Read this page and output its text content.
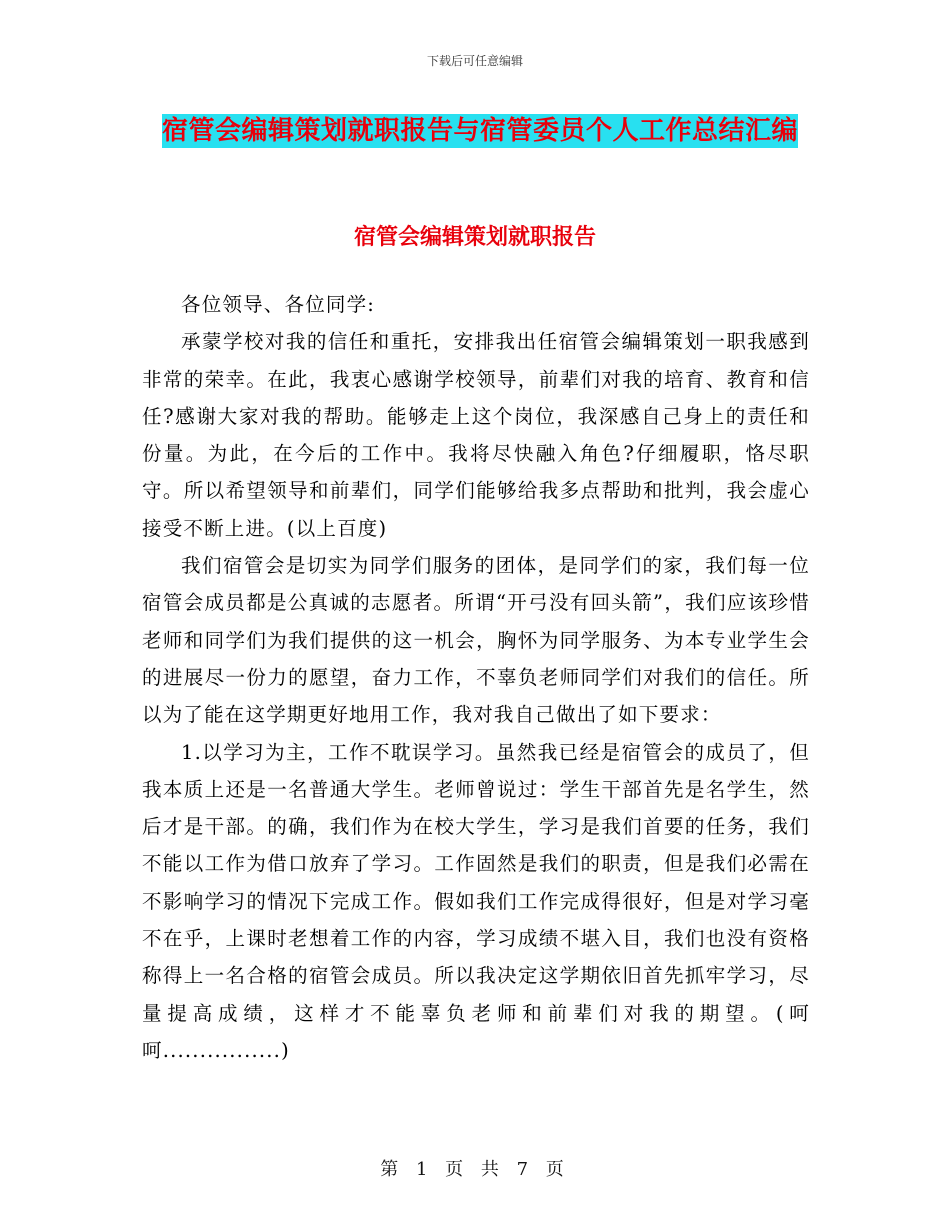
下载后可任意编辑
宿管会编辑策划就职报告与宿管委员个人工作总结汇编
宿管会编辑策划就职报告

各位领导、各位同学:

承蒙学校对我的信任和重托，安排我出任宿管会编辑策划一职我感到非常的荣幸。在此，我衷心感谢学校领导，前辈们对我的培育、教育和信任?感谢大家对我的帮助。能够走上这个岗位，我深感自己身上的责任和份量。为此，在今后的工作中。我将尽快融入角色?仔细履职，恪尽职守。所以希望领导和前辈们，同学们能够给我多点帮助和批判，我会虚心接受不断上进。(以上百度)

我们宿管会是切实为同学们服务的团体，是同学们的家，我们每一位宿管会成员都是公真诚的志愿者。所谓“开弓没有回头箭”，我们应该珍惜老师和同学们为我们提供的这一机会，胸怀为同学服务、为本专业学生会的进展尽一份力的愿望，奋力工作，不辜负老师同学们对我们的信任。所以为了能在这学期更好地用工作，我对我自己做出了如下要求：

1.以学习为主，工作不耽误学习。虽然我已经是宿管会的成员了，但我本质上还是一名普通大学生。老师曾说过：学生干部首先是名学生，然后才是干部。的确，我们作为在校大学生，学习是我们首要的任务，我们不能以工作为借口放弃了学习。工作固然是我们的职责，但是我们必需在不影响学习的情况下完成工作。假如我们工作完成得很好，但是对学习毫不在乎，上课时老想着工作的内容，学习成绩不堪入目，我们也没有资格称得上一名合格的宿管会成员。所以我决定这学期依旧首先抓牢学习，尽量提高成绩，这样才不能辜负老师和前辈们对我的期望。(呵呵................)

第 1 页 共 7 页
